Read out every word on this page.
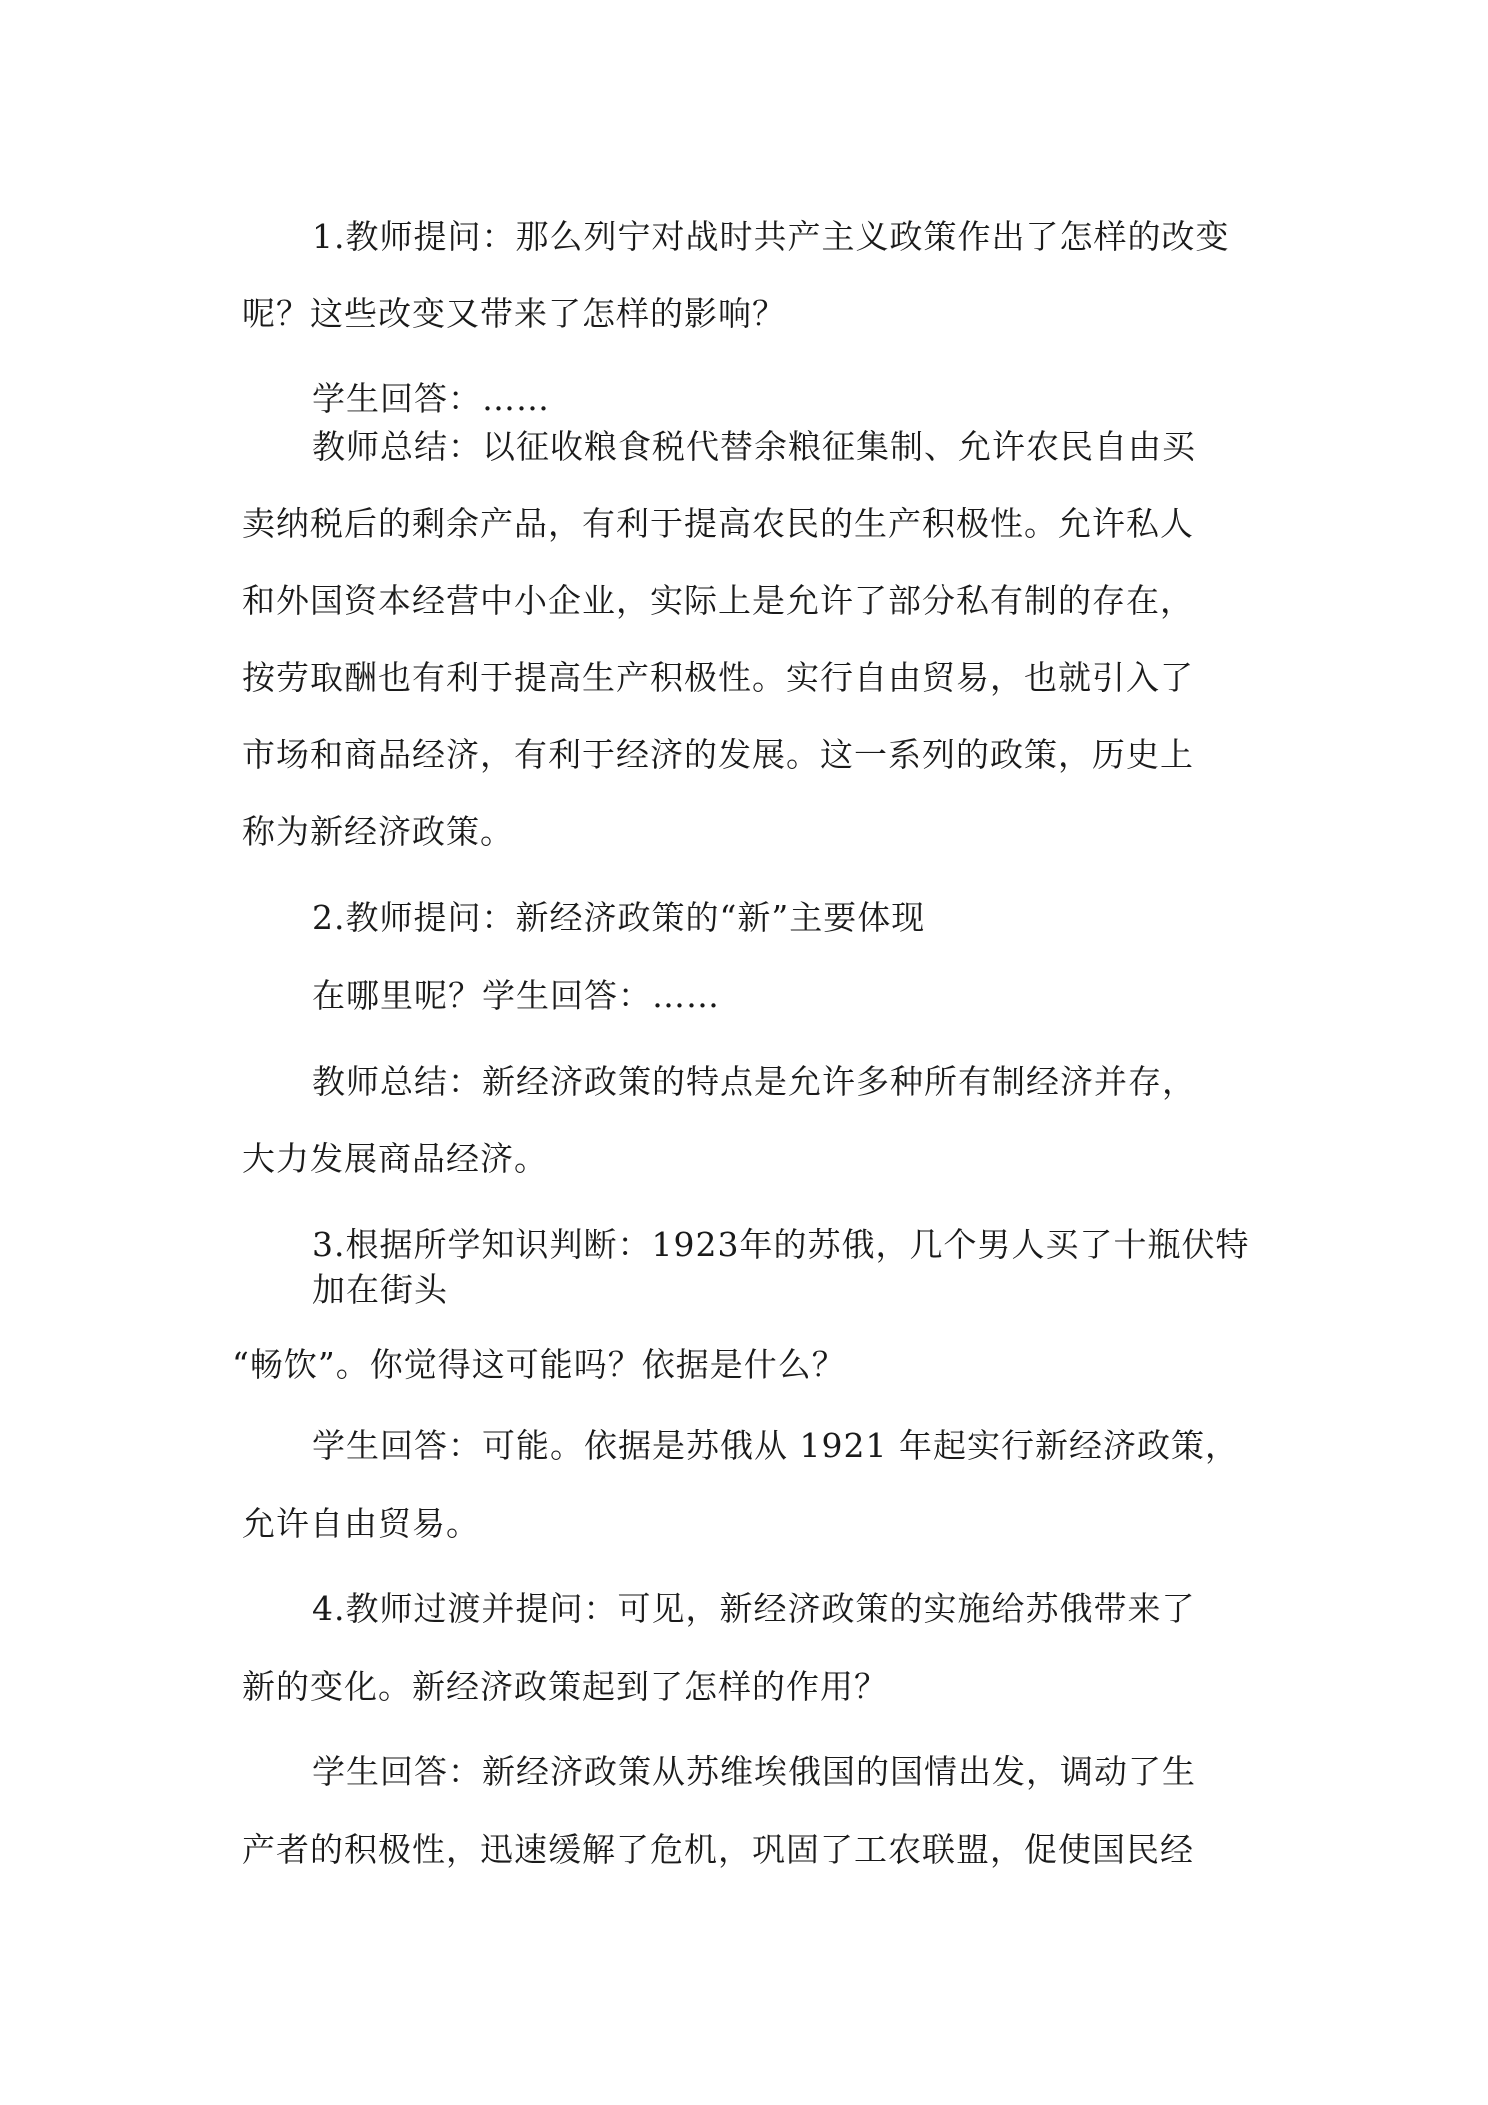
1.教师提问：那么列宁对战时共产主义政策作出了怎样的改变
呢？这些改变又带来了怎样的影响？
学生回答：……
教师总结：以征收粮食税代替余粮征集制、允许农民自由买
卖纳税后的剩余产品，有利于提高农民的生产积极性。允许私人
和外国资本经营中小企业，实际上是允许了部分私有制的存在，
按劳取酬也有利于提高生产积极性。实行自由贸易，也就引入了
市场和商品经济，有利于经济的发展。这一系列的政策，历史上
称为新经济政策。
2.教师提问：新经济政策的“新”主要体现
在哪里呢？学生回答：……
教师总结：新经济政策的特点是允许多种所有制经济并存，
大力发展商品经济。
3.根据所学知识判断：1923年的苏俄，几个男人买了十瓶伏特
加在街头
“畅饮”。你觉得这可能吗？依据是什么？
学生回答：可能。依据是苏俄从 1921 年起实行新经济政策，
允许自由贸易。
4.教师过渡并提问：可见，新经济政策的实施给苏俄带来了
新的变化。新经济政策起到了怎样的作用？
学生回答：新经济政策从苏维埃俄国的国情出发，调动了生
产者的积极性，迅速缓解了危机，巩固了工农联盟，促使国民经
